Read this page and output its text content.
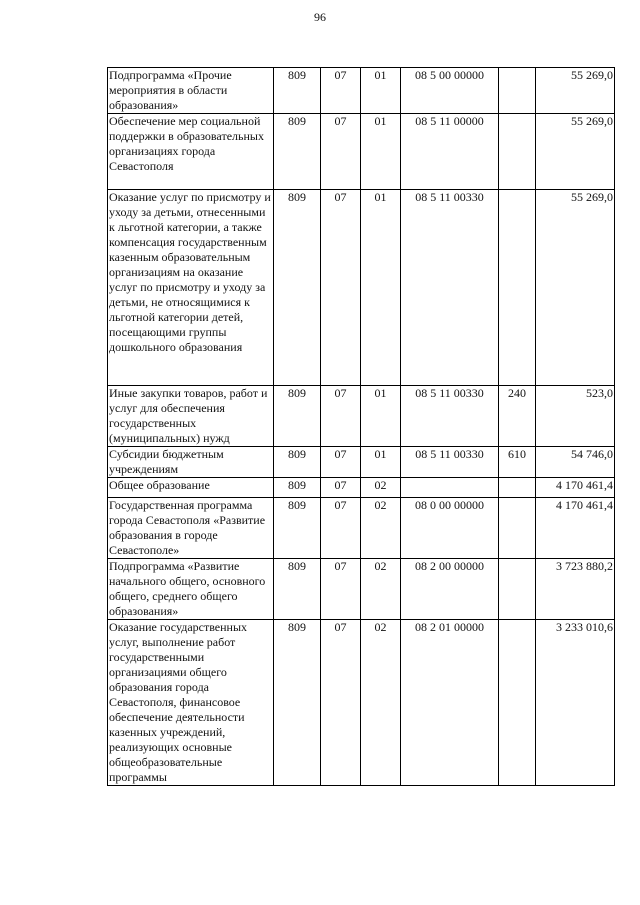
96
Подпрограмма «Прочие мероприятия в области образования»	809	07	01	08 5 00 00000		55 269,0
Обеспечение мер социальной поддержки в образовательных организациях города Севастополя	809	07	01	08 5 11 00000		55 269,0
Оказание услуг по присмотру и уходу за детьми, отнесенными к льготной категории, а также компенсация государственным казенным образовательным организациям на оказание услуг по присмотру и уходу за детьми, не относящимися к льготной категории детей, посещающими группы дошкольного образования	809	07	01	08 5 11 00330		55 269,0
Иные закупки товаров, работ и услуг для обеспечения государственных (муниципальных) нужд	809	07	01	08 5 11 00330	240	523,0
Субсидии бюджетным учреждениям	809	07	01	08 5 11 00330	610	54 746,0
Общее образование	809	07	02			4 170 461,4
Государственная программа города Севастополя «Развитие образования в городе Севастополе»	809	07	02	08 0 00 00000		4 170 461,4
Подпрограмма «Развитие начального общего, основного общего, среднего общего образования»	809	07	02	08 2 00 00000		3 723 880,2
Оказание государственных услуг, выполнение работ государственными организациями общего образования города Севастополя, финансовое обеспечение деятельности казенных учреждений, реализующих основные общеобразовательные программы	809	07	02	08 2 01 00000		3 233 010,6
